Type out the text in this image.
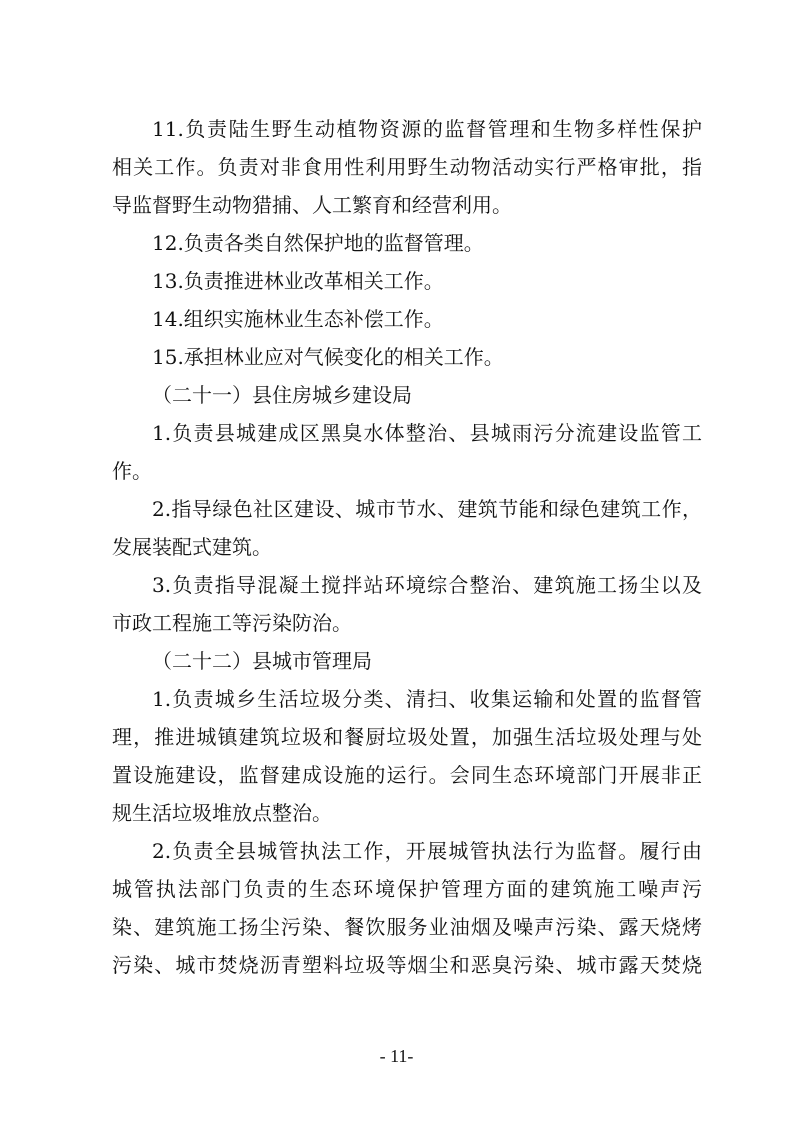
11.负责陆生野生动植物资源的监督管理和生物多样性保护
相关工作。负责对非食用性利用野生动物活动实行严格审批，指
导监督野生动物猎捕、人工繁育和经营利用。
12.负责各类自然保护地的监督管理。
13.负责推进林业改革相关工作。
14.组织实施林业生态补偿工作。
15.承担林业应对气候变化的相关工作。
（二十一）县住房城乡建设局
1.负责县城建成区黑臭水体整治、县城雨污分流建设监管工
作。
2.指导绿色社区建设、城市节水、建筑节能和绿色建筑工作，
发展装配式建筑。
3.负责指导混凝土搅拌站环境综合整治、建筑施工扬尘以及
市政工程施工等污染防治。
（二十二）县城市管理局
1.负责城乡生活垃圾分类、清扫、收集运输和处置的监督管
理，推进城镇建筑垃圾和餐厨垃圾处置，加强生活垃圾处理与处
置设施建设，监督建成设施的运行。会同生态环境部门开展非正
规生活垃圾堆放点整治。
2.负责全县城管执法工作，开展城管执法行为监督。履行由
城管执法部门负责的生态环境保护管理方面的建筑施工噪声污
染、建筑施工扬尘污染、餐饮服务业油烟及噪声污染、露天烧烤
污染、城市焚烧沥青塑料垃圾等烟尘和恶臭污染、城市露天焚烧
- 11-
